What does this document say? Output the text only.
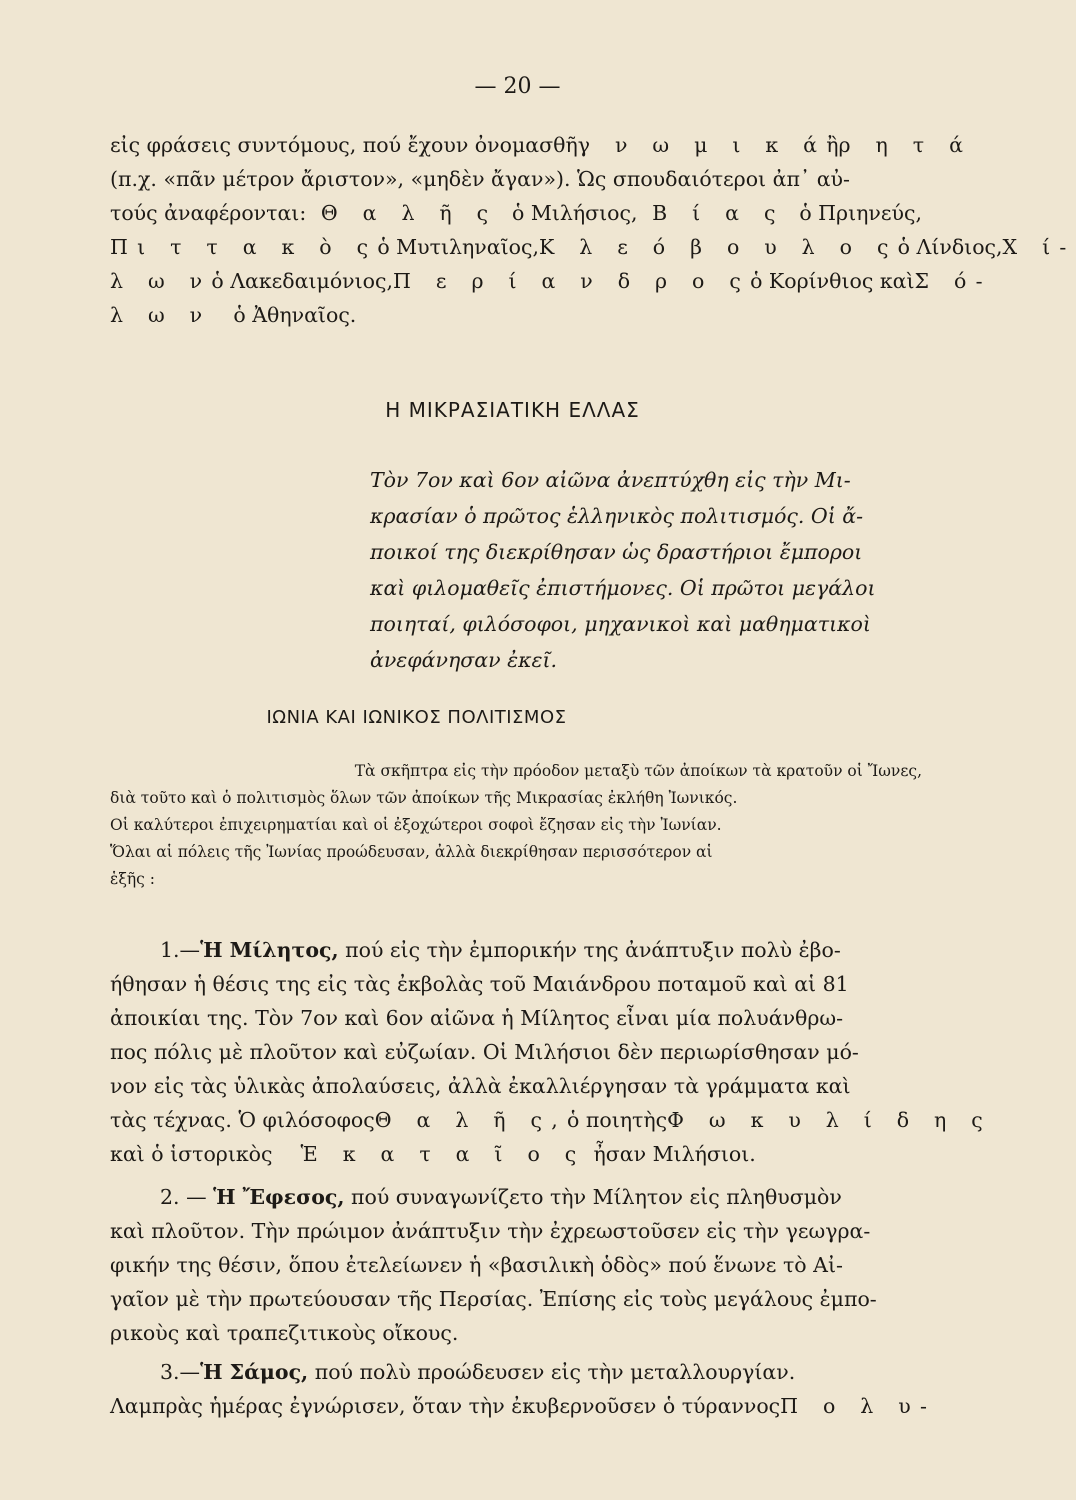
— 20 —
εἰς φράσεις συντόμους, πού ἔχουν ὀνομασθῆ γ ν ω μ ι κ ά ἢ ρ η τ ά
(π.χ. «πᾶν μέτρον ἄριστον», «μηδὲν ἄγαν»). Ὡς σπουδαιότεροι ἀπ᾽ αὐ-
τούς ἀναφέρονται: Θ α λ ῆ ς ὁ Μιλήσιος, Β ί α ς ὁ Πριηνεύς,
Πι τ τ α κ ὸ ς ὁ Μυτιληναῖος, Κ λ ε ό β ο υ λ ο ς ὁ Λίνδιος, Χ ί-
λ ω ν ὁ Λακεδαιμόνιος, Π ε ρ ί α ν δ ρ ο ς ὁ Κορίνθιος καὶ Σ ό-
λ ω ν ὁ Ἀθηναῖος.
Η ΜΙΚΡΑΣΙΑΤΙΚΗ ΕΛΛΑΣ
Τὸν 7ον καὶ 6ον αἰῶνα ἀνεπτύχθη εἰς τὴν Μι-
κρασίαν ὁ πρῶτος ἑλληνικὸς πολιτισμός. Οἱ ἄ-
ποικοί της διεκρίθησαν ὡς δραστήριοι ἔμποροι
καὶ φιλομαθεῖς ἐπιστήμονες. Οἱ πρῶτοι μεγάλοι
ποιηταί, φιλόσοφοι, μηχανικοὶ καὶ μαθηματικοὶ
ἀνεφάνησαν ἐκεῖ.
ΙΩΝΙΑ ΚΑΙ ΙΩΝΙΚΟΣ ΠΟΛΙΤΙΣΜΟΣ
Τὰ σκῆπτρα εἰς τὴν πρόοδον μεταξὺ τῶν ἀποίκων τὰ κρατοῦν οἱ Ἴωνες,
διὰ τοῦτο καὶ ὁ πολιτισμὸς ὅλων τῶν ἀποίκων τῆς Μικρασίας ἐκλήθη Ἰωνικός.
Οἱ καλύτεροι ἐπιχειρηματίαι καὶ οἱ ἐξοχώτεροι σοφοὶ ἔζησαν εἰς τὴν Ἰωνίαν.
Ὅλαι αἱ πόλεις τῆς Ἰωνίας προώδευσαν, ἀλλὰ διεκρίθησαν περισσότερον αἱ
ἑξῆς :
1.—Ἡ Μίλητος, πού εἰς τὴν ἐμπορικήν της ἀνάπτυξιν πολὺ ἐβο-
ήθησαν ἡ θέσις της εἰς τὰς ἐκβολὰς τοῦ Μαιάνδρου ποταμοῦ καὶ αἱ 81
ἀποικίαι της. Τὸν 7ον καὶ 6ον αἰῶνα ἡ Μίλητος εἶναι μία πολυάνθρω-
πος πόλις μὲ πλοῦτον καὶ εὐζωίαν. Οἱ Μιλήσιοι δὲν περιωρίσθησαν μό-
νον εἰς τὰς ὑλικὰς ἀπολαύσεις, ἀλλὰ ἐκαλλιέργησαν τὰ γράμματα καὶ
τὰς τέχνας. Ὁ φιλόσοφος Θ α λ ῆ ς, ὁ ποιητὴς Φ ω κ υ λ ί δ η ς
καὶ ὁ ἱστορικὸς Ἑ κ α τ α ῖ ο ς ἦσαν Μιλήσιοι.
2. — Ἡ Ἔφεσος, πού συναγωνίζετο τὴν Μίλητον εἰς πληθυσμὸν
καὶ πλοῦτον. Τὴν πρώιμον ἀνάπτυξιν τὴν ἐχρεωστοῦσεν εἰς τὴν γεωγρα-
φικήν της θέσιν, ὅπου ἐτελείωνεν ἡ «βασιλικὴ ὁδὸς» πού ἕνωνε τὸ Αἰ-
γαῖον μὲ τὴν πρωτεύουσαν τῆς Περσίας. Ἐπίσης εἰς τοὺς μεγάλους ἐμπο-
ρικοὺς καὶ τραπεζιτικοὺς οἴκους.
3.—Ἡ Σάμος, πού πολὺ προώδευσεν εἰς τὴν μεταλλουργίαν.
Λαμπρὰς ἡμέρας ἐγνώρισεν, ὅταν τὴν ἐκυβερνοῦσεν ὁ τύραννος Π ο λ υ-
